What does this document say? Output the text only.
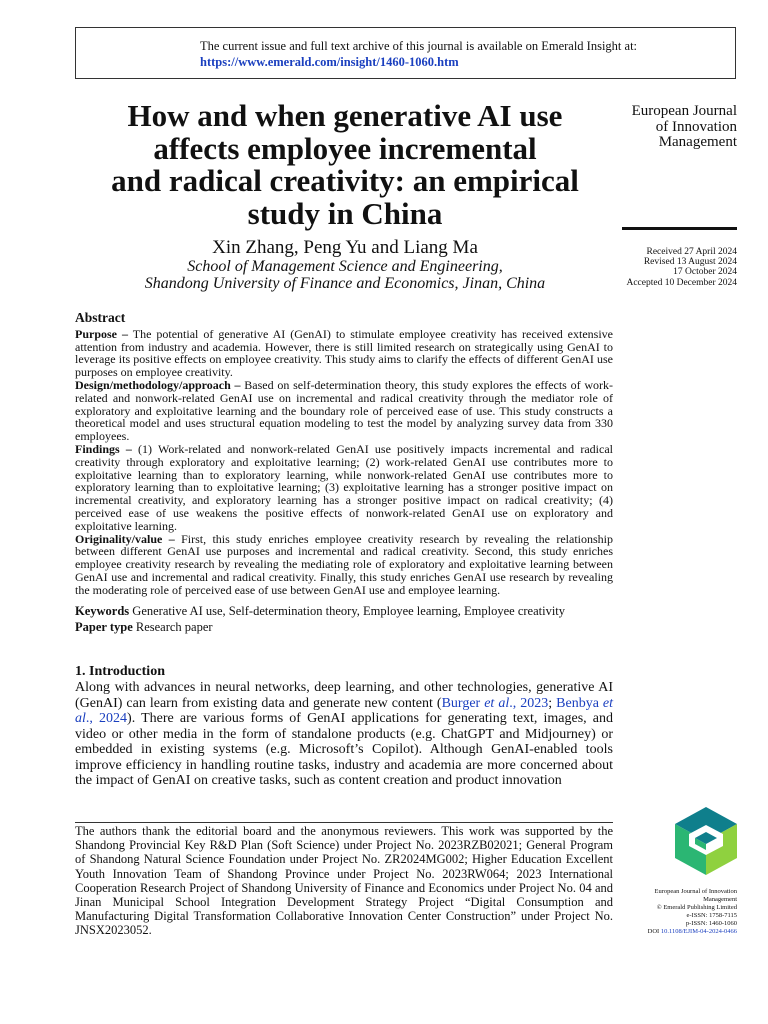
The current issue and full text archive of this journal is available on Emerald Insight at:
https://www.emerald.com/insight/1460-1060.htm
How and when generative AI use
affects employee incremental
and radical creativity: an empirical
study in China
Xin Zhang, Peng Yu and Liang Ma
School of Management Science and Engineering,
Shandong University of Finance and Economics, Jinan, China
European Journal
of Innovation
Management
Received 27 April 2024
Revised 13 August 2024
17 October 2024
Accepted 10 December 2024
Abstract

Purpose – The potential of generative AI (GenAI) to stimulate employee creativity has received extensive attention from industry and academia. However, there is still limited research on strategically using GenAI to leverage its positive effects on employee creativity. This study aims to clarify the effects of different GenAI use purposes on employee creativity.

Design/methodology/approach – Based on self-determination theory, this study explores the effects of work-related and nonwork-related GenAI use on incremental and radical creativity through the mediator role of exploratory and exploitative learning and the boundary role of perceived ease of use. This study constructs a theoretical model and uses structural equation modeling to test the model by analyzing survey data from 330 employees.

Findings – (1) Work-related and nonwork-related GenAI use positively impacts incremental and radical creativity through exploratory and exploitative learning; (2) work-related GenAI use contributes more to exploitative learning than to exploratory learning, while nonwork-related GenAI use contributes more to exploratory learning than to exploitative learning; (3) exploitative learning has a stronger positive impact on incremental creativity, and exploratory learning has a stronger positive impact on radical creativity; (4) perceived ease of use weakens the positive effects of nonwork-related GenAI use on exploratory and exploitative learning.

Originality/value – First, this study enriches employee creativity research by revealing the relationship between different GenAI use purposes and incremental and radical creativity. Second, this study enriches employee creativity research by revealing the mediating role of exploratory and exploitative learning between GenAI use and incremental and radical creativity. Finally, this study enriches GenAI use research by revealing the moderating role of perceived ease of use between GenAI use and employee learning.

Keywords Generative AI use, Self-determination theory, Employee learning, Employee creativity
Paper type Research paper
1. Introduction

Along with advances in neural networks, deep learning, and other technologies, generative AI (GenAI) can learn from existing data and generate new content (Burger et al., 2023; Benbya et al., 2024). There are various forms of GenAI applications for generating text, images, and video or other media in the form of standalone products (e.g. ChatGPT and Midjourney) or embedded in existing systems (e.g. Microsoft’s Copilot). Although GenAI-enabled tools improve efficiency in handling routine tasks, industry and academia are more concerned about the impact of GenAI on creative tasks, such as content creation and product innovation

The authors thank the editorial board and the anonymous reviewers. This work was supported by the Shandong Provincial Key R&D Plan (Soft Science) under Project No. 2023RZB02021; General Program of Shandong Natural Science Foundation under Project No. ZR2024MG002; Higher Education Excellent Youth Innovation Team of Shandong Province under Project No. 2023RW064; 2023 International Cooperation Research Project of Shandong University of Finance and Economics under Project No. 04 and Jinan Municipal School Integration Development Strategy Project “Digital Consumption and Manufacturing Digital Transformation Collaborative Innovation Center Construction” under Project No. JNSX2023052.

European Journal of Innovation
Management
© Emerald Publishing Limited
e-ISSN: 1758-7115
p-ISSN: 1460-1060
DOI 10.1108/EJIM-04-2024-0466
